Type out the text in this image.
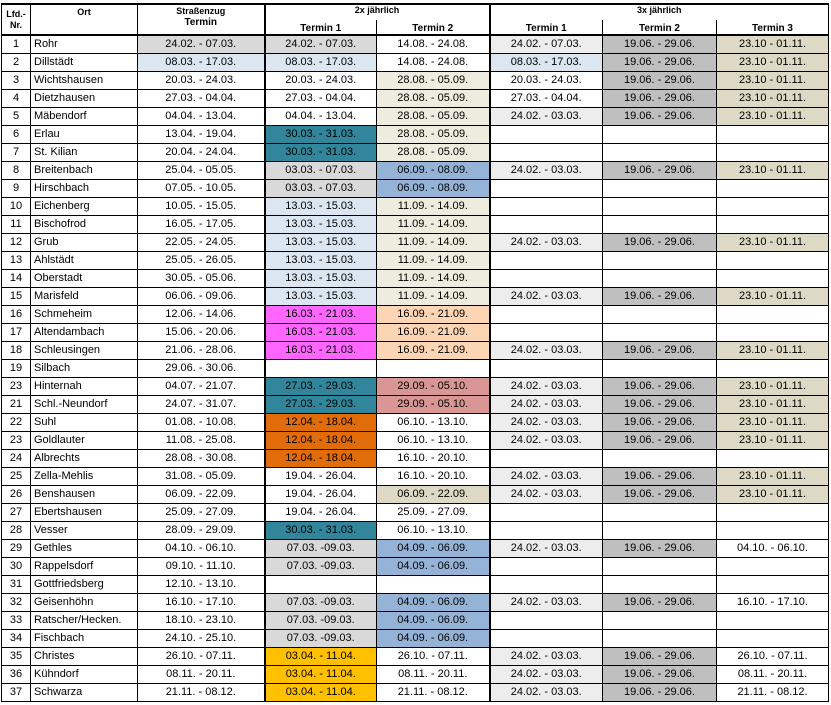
Lfd.-
Nr.	Ort	Straßenzug
Termin	2x jährlich		3x jährlich		
			Termin 1	Termin 2	Termin 1	Termin 2	Termin 3
1	Rohr	24.02. - 07.03.	24.02. - 07.03.	14.08. - 24.08.	24.02. - 07.03.	19.06. - 29.06.	23.10 - 01.11.
2	Dillstädt	08.03. - 17.03.	08.03. - 17.03.	14.08. - 24.08.	08.03. - 17.03.	19.06. - 29.06.	23.10 - 01.11.
3	Wichtshausen	20.03. - 24.03.	20.03. - 24.03.	28.08. - 05.09.	20.03. - 24.03.	19.06. - 29.06.	23.10 - 01.11.
4	Dietzhausen	27.03. - 04.04.	27.03. - 04.04.	28.08. - 05.09.	27.03. - 04.04.	19.06. - 29.06.	23.10 - 01.11.
5	Mäbendorf	04.04. - 13.04.	04.04. - 13.04.	28.08. - 05.09.	24.02. - 03.03.	19.06. - 29.06.	23.10 - 01.11.
6	Erlau	13.04. - 19.04.	30.03. - 31.03.	28.08. - 05.09.			
7	St. Kilian	20.04. - 24.04.	30.03. - 31.03.	28.08. - 05.09.			
8	Breitenbach	25.04. - 05.05.	03.03. - 07.03.	06.09. - 08.09.	24.02. - 03.03.	19.06. - 29.06.	23.10 - 01.11.
9	Hirschbach	07.05. - 10.05.	03.03. - 07.03.	06.09. - 08.09.			
10	Eichenberg	10.05. - 15.05.	13.03. - 15.03.	11.09. - 14.09.			
11	Bischofrod	16.05. - 17.05.	13.03. - 15.03.	11.09. - 14.09.			
12	Grub	22.05. - 24.05.	13.03. - 15.03.	11.09. - 14.09.	24.02. - 03.03.	19.06. - 29.06.	23.10 - 01.11.
13	Ahlstädt	25.05. - 26.05.	13.03. - 15.03.	11.09. - 14.09.			
14	Oberstadt	30.05. - 05.06.	13.03. - 15.03.	11.09. - 14.09.			
15	Marisfeld	06.06. - 09.06.	13.03. - 15.03.	11.09. - 14.09.	24.02. - 03.03.	19.06. - 29.06.	23.10 - 01.11.
16	Schmeheim	12.06. - 14.06.	16.03. - 21.03.	16.09. - 21.09.			
17	Altendambach	15.06. - 20.06.	16.03. - 21.03.	16.09. - 21.09.			
18	Schleusingen	21.06. - 28.06.	16.03. - 21.03.	16.09. - 21.09.	24.02. - 03.03.	19.06. - 29.06.	23.10 - 01.11.
19	Silbach	29.06. - 30.06.					
23	Hinternah	04.07. - 21.07.	27.03. - 29.03.	29.09. - 05.10.	24.02. - 03.03.	19.06. - 29.06.	23.10 - 01.11.
21	Schl.-Neundorf	24.07. - 31.07.	27.03. - 29.03.	29.09. - 05.10.	24.02. - 03.03.	19.06. - 29.06.	23.10 - 01.11.
22	Suhl	01.08. - 10.08.	12.04. - 18.04.	06.10. - 13.10.	24.02. - 03.03.	19.06. - 29.06.	23.10 - 01.11.
23	Goldlauter	11.08. - 25.08.	12.04. - 18.04.	06.10. - 13.10.	24.02. - 03.03.	19.06. - 29.06.	23.10 - 01.11.
24	Albrechts	28.08. - 30.08.	12.04. - 18.04.	16.10. - 20.10.			
25	Zella-Mehlis	31.08. - 05.09.	19.04. - 26.04.	16.10. - 20.10.	24.02. - 03.03.	19.06. - 29.06.	23.10 - 01.11.
26	Benshausen	06.09. - 22.09.	19.04. - 26.04.	06.09. - 22.09.	24.02. - 03.03.	19.06. - 29.06.	23.10 - 01.11.
27	Ebertshausen	25.09. - 27.09.	19.04. - 26.04.	25.09. - 27.09.			
28	Vesser	28.09. - 29.09.	30.03. - 31.03.	06.10. - 13.10.			
29	Gethles	04.10. - 06.10.	07.03. -09.03.	04.09. - 06.09.	24.02. - 03.03.	19.06. - 29.06.	04.10. - 06.10.
30	Rappelsdorf	09.10. - 11.10.	07.03. -09.03.	04.09. - 06.09.			
31	Gottfriedsberg	12.10. - 13.10.					
32	Geisenhöhn	16.10. - 17.10.	07.03. -09.03.	04.09. - 06.09.	24.02. - 03.03.	19.06. - 29.06.	16.10. - 17.10.
33	Ratscher/Hecken.	18.10. - 23.10.	07.03. -09.03.	04.09. - 06.09.			
34	Fischbach	24.10. - 25.10.	07.03. -09.03.	04.09. - 06.09.			
35	Christes	26.10. - 07.11.	03.04. - 11.04.	26.10. - 07.11.	24.02. - 03.03.	19.06. - 29.06.	26.10. - 07.11.
36	Kühndorf	08.11. - 20.11.	03.04. - 11.04.	08.11. - 20.11.	24.02. - 03.03.	19.06. - 29.06.	08.11. - 20.11.
37	Schwarza	21.11. - 08.12.	03.04. - 11.04.	21.11. - 08.12.	24.02. - 03.03.	19.06. - 29.06.	21.11. - 08.12.
